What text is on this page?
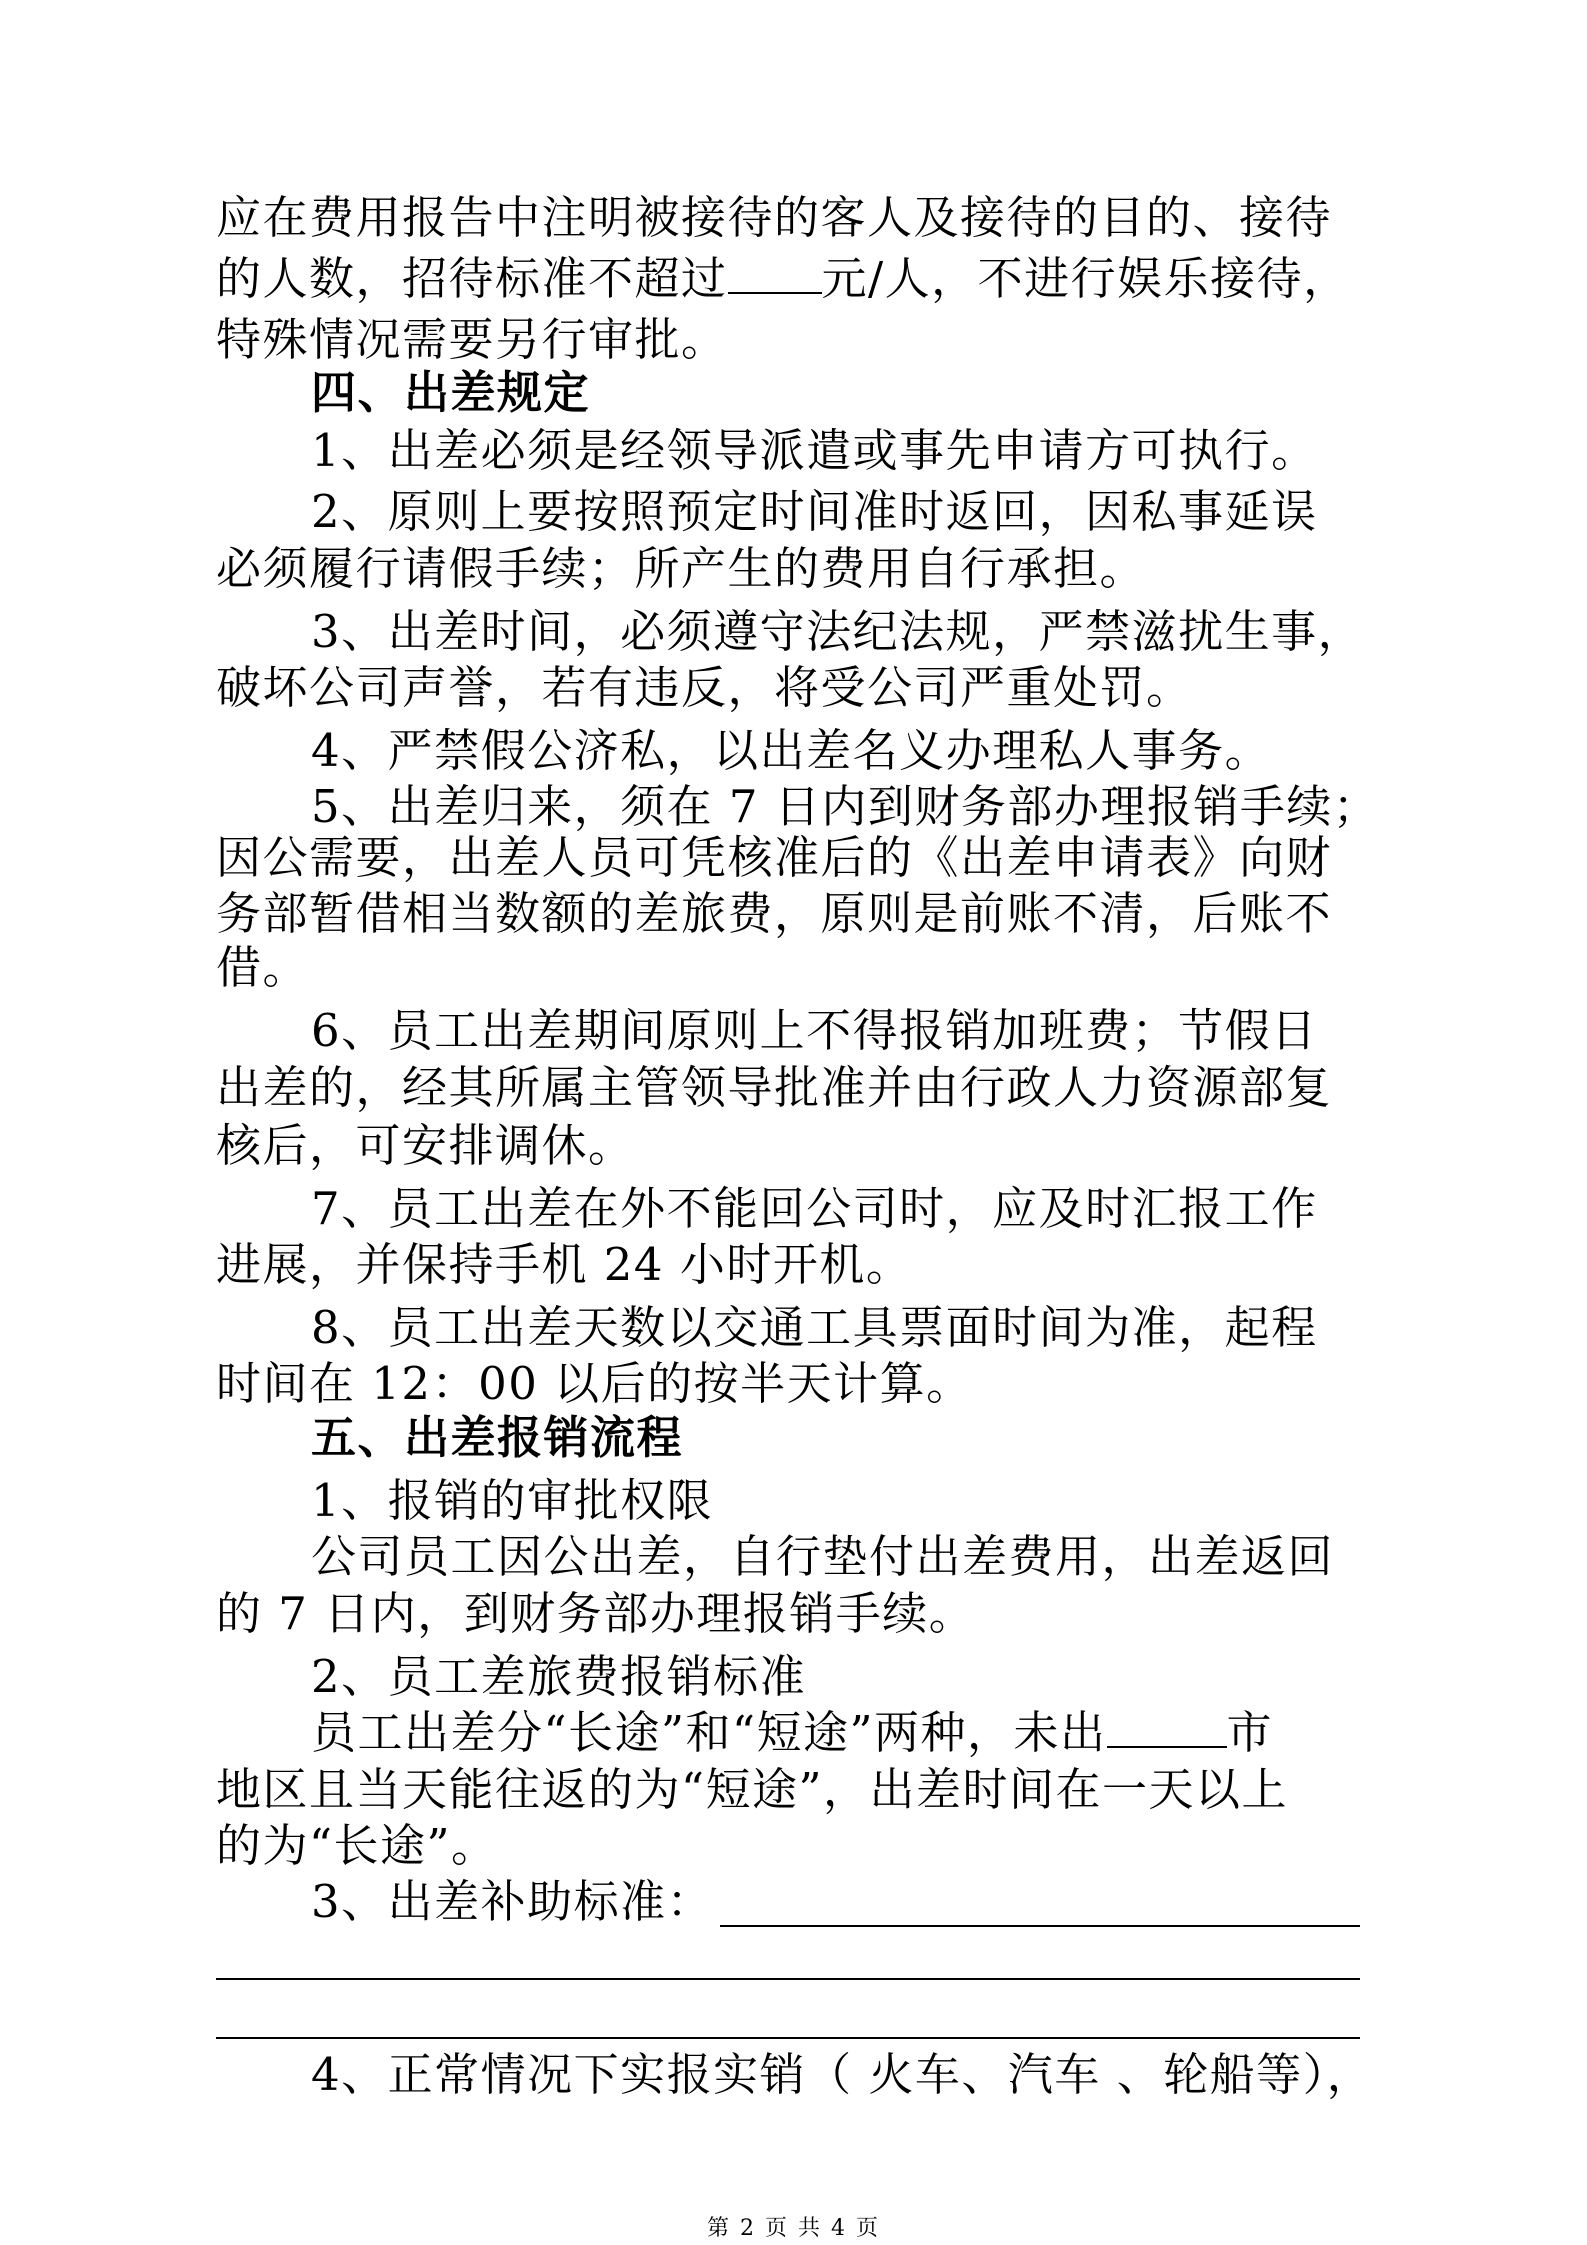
应在费用报告中注明被接待的客人及接待的目的、接待
的人数，招待标准不超过 元/人，不进行娱乐接待，
特殊情况需要另行审批。
四、出差规定
1、出差必须是经领导派遣或事先申请方可执行。
2、原则上要按照预定时间准时返回，因私事延误
必须履行请假手续；所产生的费用自行承担。
3、出差时间，必须遵守法纪法规，严禁滋扰生事，
破坏公司声誉，若有违反，将受公司严重处罚。
4、严禁假公济私，以出差名义办理私人事务。
5、出差归来，须在 7 日内到财务部办理报销手续；
因公需要，出差人员可凭核准后的《出差申请表》向财
务部暂借相当数额的差旅费，原则是前账不清，后账不
借。
6、员工出差期间原则上不得报销加班费；节假日
出差的，经其所属主管领导批准并由行政人力资源部复
核后，可安排调休。
7、员工出差在外不能回公司时，应及时汇报工作
进展，并保持手机 24 小时开机。
8、员工出差天数以交通工具票面时间为准，起程
时间在 12：00 以后的按半天计算。
五、出差报销流程
1、报销的审批权限
公司员工因公出差，自行垫付出差费用，出差返回
的 7 日内，到财务部办理报销手续。
2、员工差旅费报销标准
员工出差分“长途”和“短途”两种，未出	市
地区且当天能往返的为“短途”，出差时间在一天以上
的为“长途”。
3、出差补助标准：
4、正常情况下实报实销（ 火车、汽车 、轮船等），
第 2 页 共 4 页
